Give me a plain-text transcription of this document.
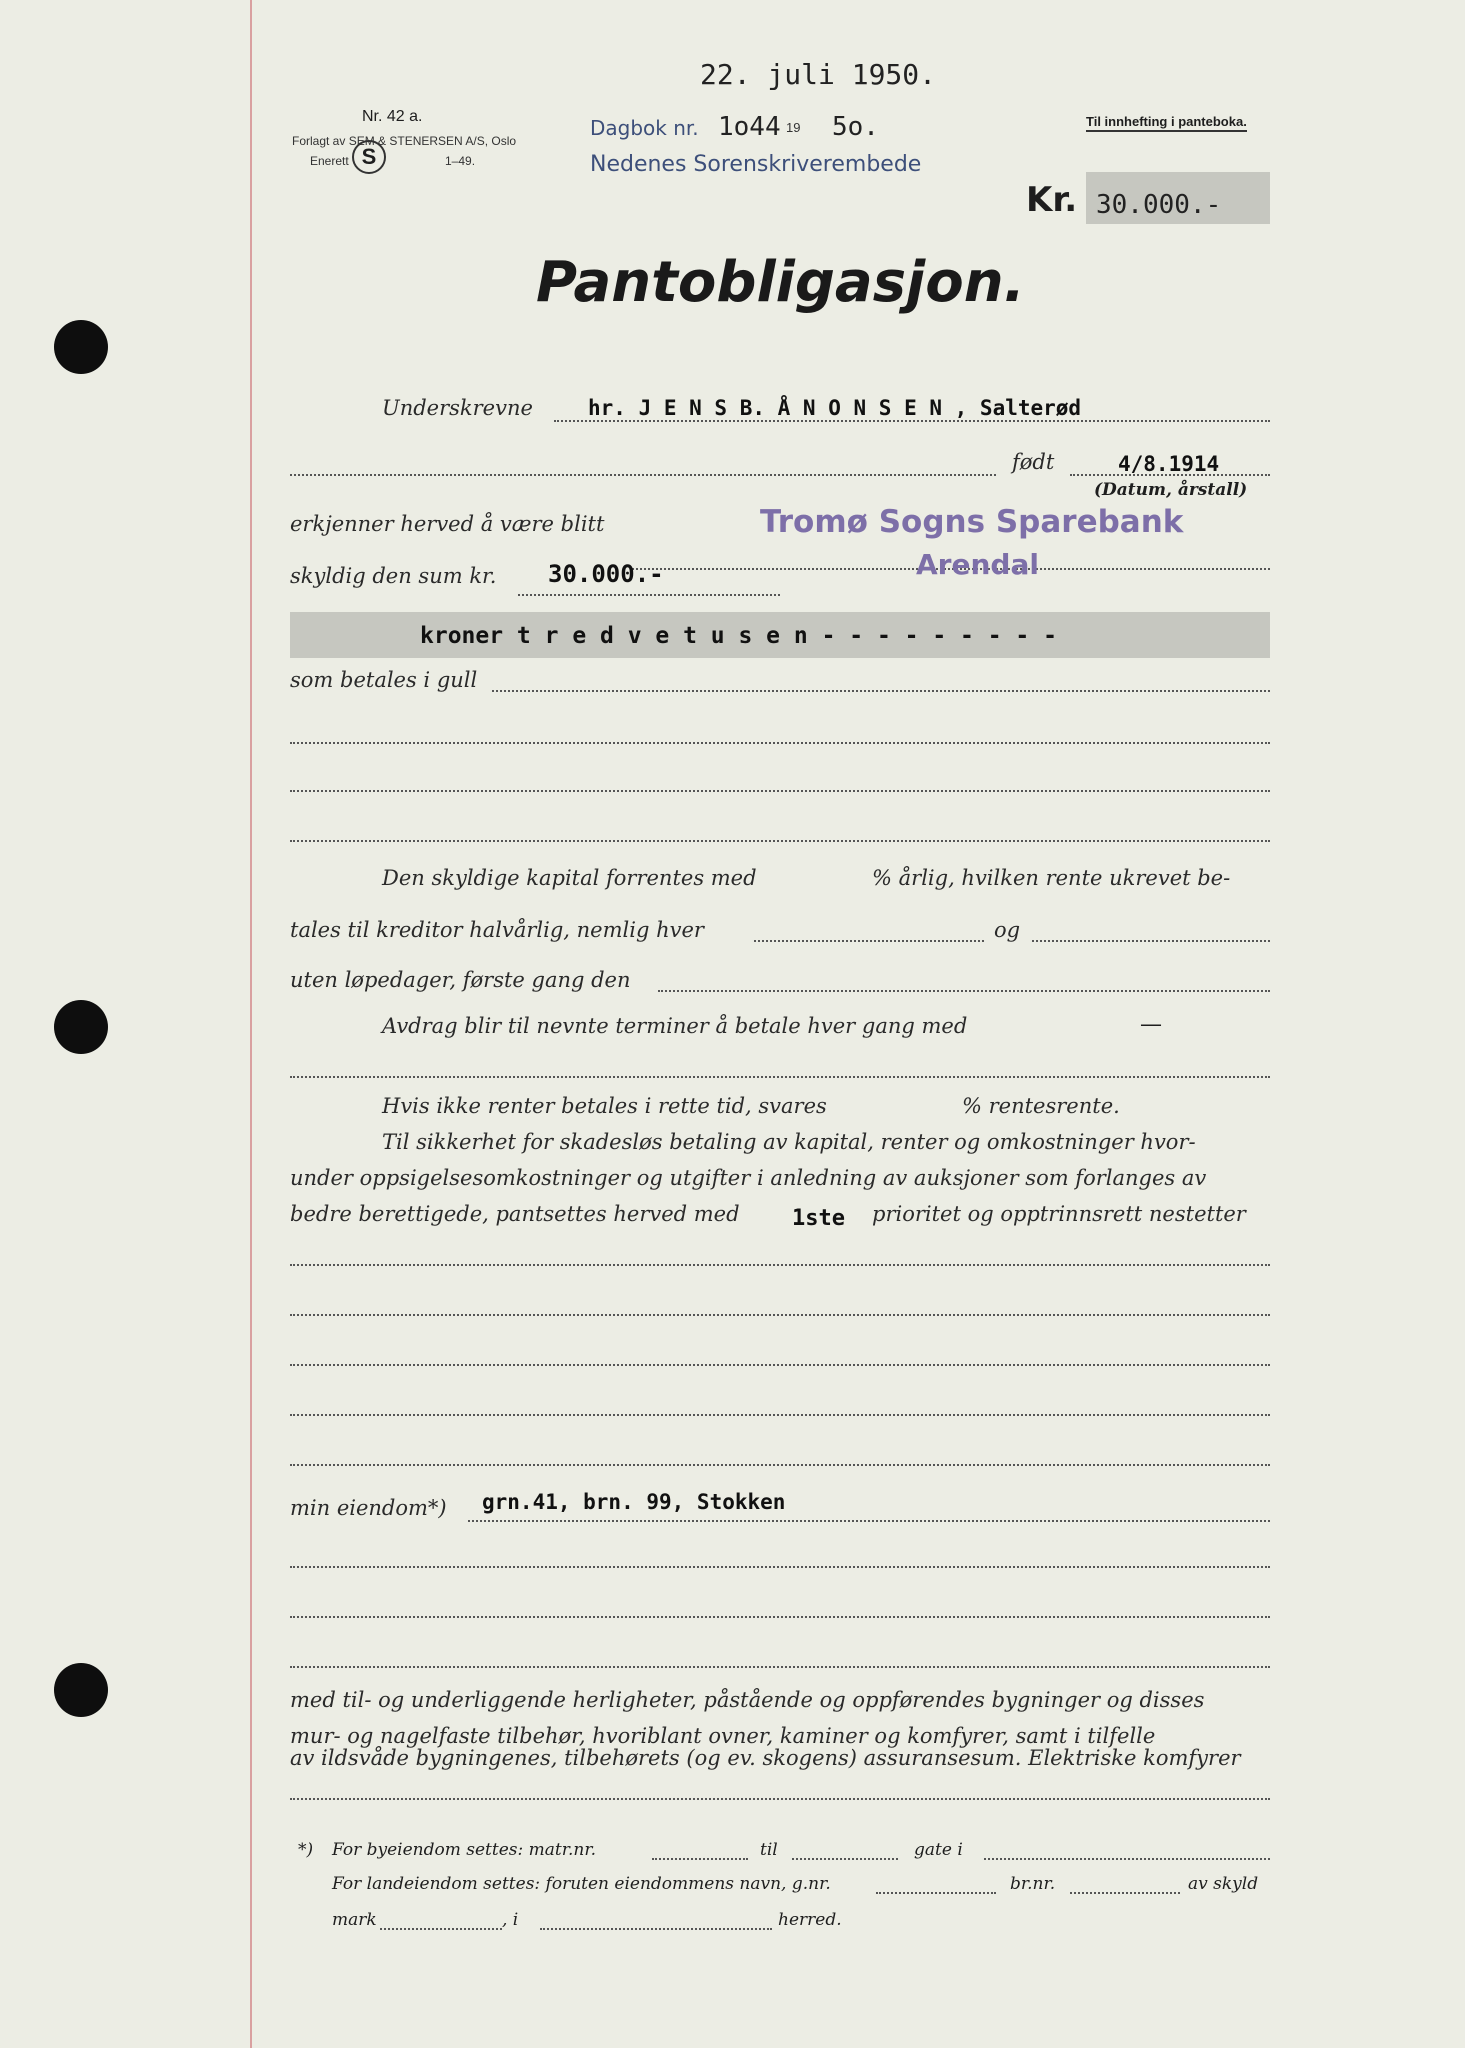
22. juli 1950.
Nr. 42 a.
Forlagt av SEM & STENERSEN A/S, Oslo
Enerett S	1–49.
Dagbok nr. 1o44 19 5o.
Nedenes Sorenskriverembede
Til innhefting i panteboka.
Kr. 30.000.-
Pantobligasjon.
Underskrevne	hr. J E N S B. Å N O N S E N , Salterød
født	4/8.1914
(Datum, årstall)
erkjenner herved å være blitt	Tromø Sogns Sparebank
Arendal
skyldig den sum kr. 30.000.-
kroner t r e d v e t u s e n - - - - - - - - -
som betales i gull
Den skyldige kapital forrentes med	% årlig, hvilken rente ukrevet be-
tales til kreditor halvårlig, nemlig hver	og
uten løpedager, første gang den
Avdrag blir til nevnte terminer å betale hver gang med	—
Hvis ikke renter betales i rette tid, svares	% rentesrente.
Til sikkerhet for skadesløs betaling av kapital, renter og omkostninger hvor-
under oppsigelsesomkostninger og utgifter i anledning av auksjoner som forlanges av
bedre berettigede, pantsettes herved med 1ste prioritet og opptrinnsrett nestetter
min eiendom*) grn.41, brn. 99, Stokken
med til- og underliggende herligheter, påstående og oppførendes bygninger og disses
mur- og nagelfaste tilbehør, hvoriblant ovner, kaminer og komfyrer, samt i tilfelle
av ildsvåde bygningenes, tilbehørets (og ev. skogens) assuransesum. Elektriske komfyrer
*) For byeiendom settes: matr.nr.	til	gate i
For landeiendom settes: foruten eiendommens navn, g.nr.	br.nr.	av skyld
mark	, i	herred.
